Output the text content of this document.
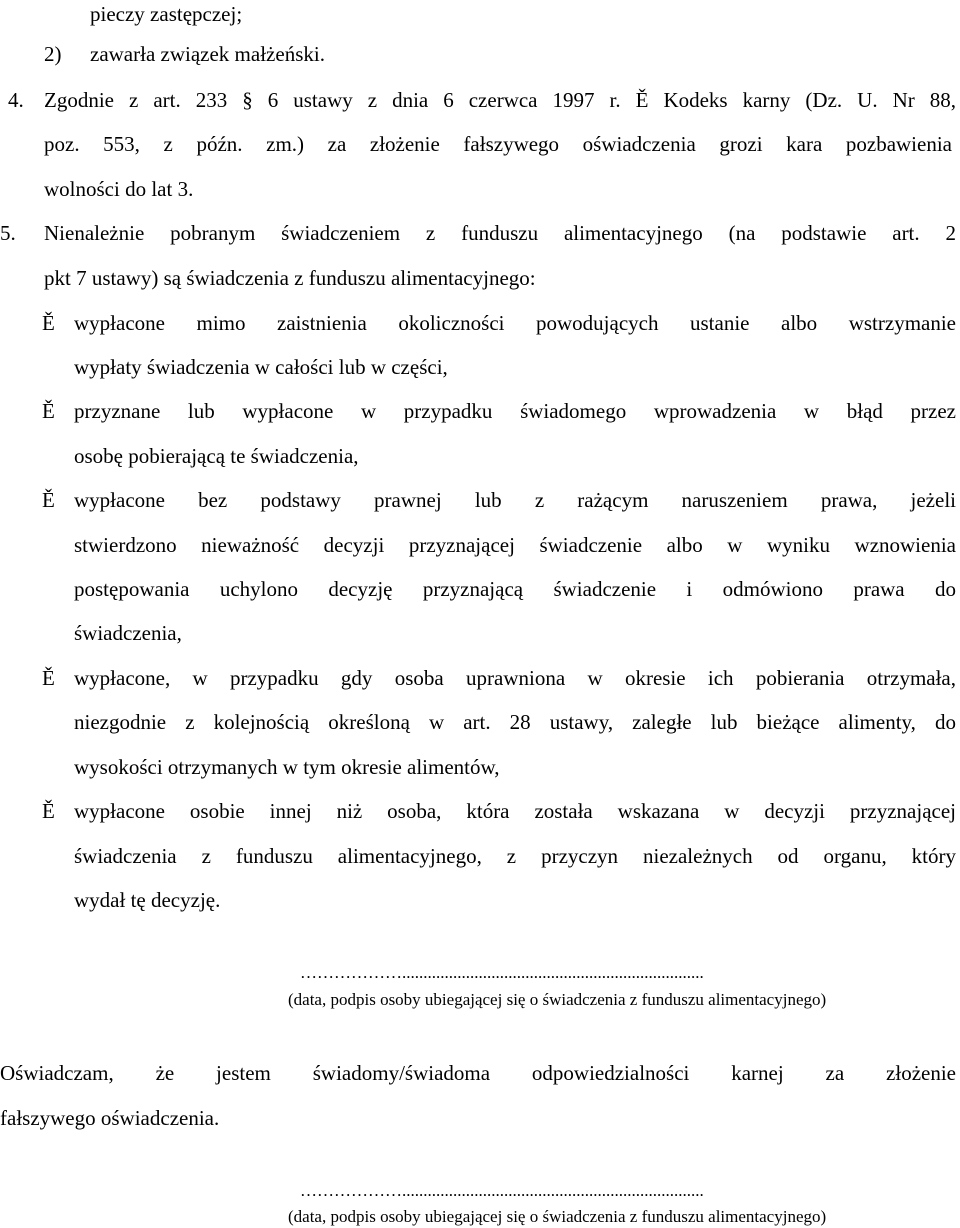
pieczy zastępczej;

2) zawarła związek małżeński.

4. Zgodnie z art. 233 § 6 ustawy z dnia 6 czerwca 1997 r. Ě Kodeks karny (Dz. U. Nr 88,

poz. 553, z późn. zm.) za złożenie fałszywego oświadczenia grozi kara pozbawienia

wolności do lat 3.

5. Nienależnie pobranym świadczeniem z funduszu alimentacyjnego (na podstawie art. 2

pkt 7 ustawy) są świadczenia z funduszu alimentacyjnego:

Ě wypłacone mimo zaistnienia okoliczności powodujących ustanie albo wstrzymanie

wypłaty świadczenia w całości lub w części,

Ě przyznane lub wypłacone w przypadku świadomego wprowadzenia w błąd przez

osobę pobierającą te świadczenia,

Ě wypłacone bez podstawy prawnej lub z rażącym naruszeniem prawa, jeżeli

stwierdzono nieważność decyzji przyznającej świadczenie albo w wyniku wznowienia

postępowania uchylono decyzję przyznającą świadczenie i odmówiono prawa do

świadczenia,

Ě wypłacone, w przypadku gdy osoba uprawniona w okresie ich pobierania otrzymała,

niezgodnie z kolejnością określoną w art. 28 ustawy, zaległe lub bieżące alimenty, do

wysokości otrzymanych w tym okresie alimentów,

Ě wypłacone osobie innej niż osoba, która została wskazana w decyzji przyznającej

świadczenia z funduszu alimentacyjnego, z przyczyn niezależnych od organu, który

wydał tę decyzję.

……………….......................................................................
(data, podpis osoby ubiegającej się o świadczenia z funduszu alimentacyjnego)

Oświadczam, że jestem świadomy/świadoma odpowiedzialności karnej za złożenie

fałszywego oświadczenia.

……………….......................................................................
(data, podpis osoby ubiegającej się o świadczenia z funduszu alimentacyjnego)
